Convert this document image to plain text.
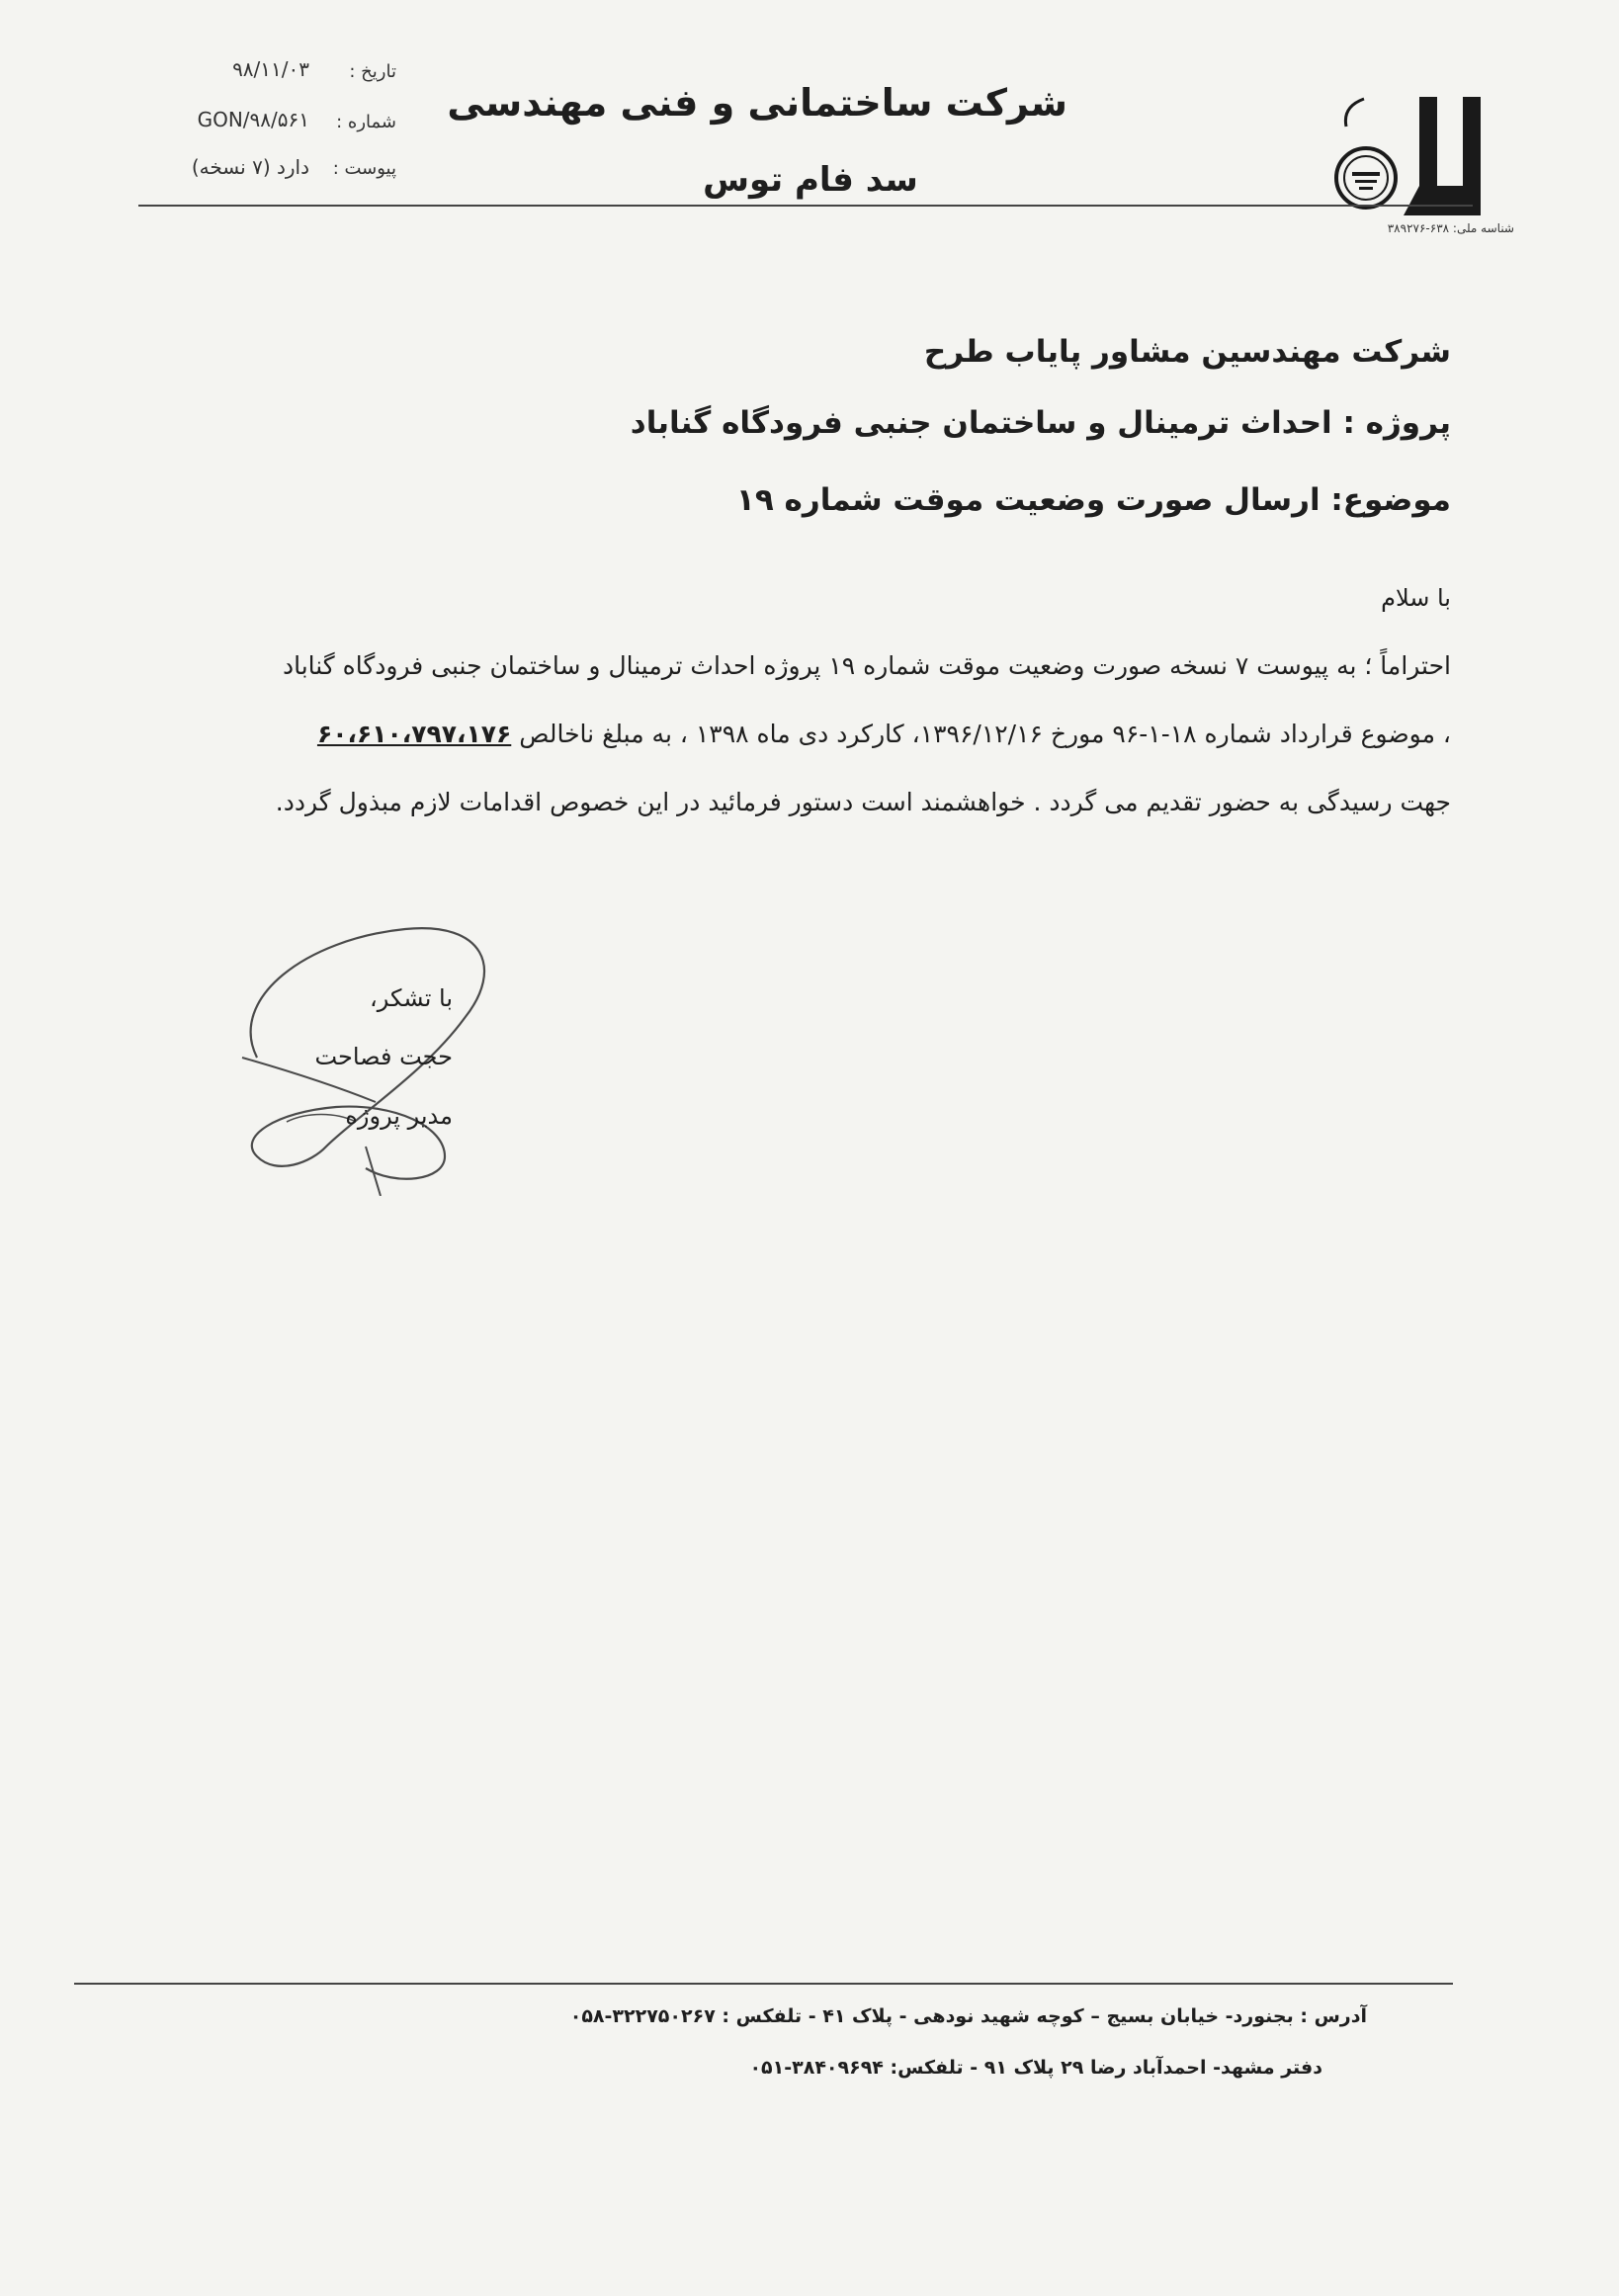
تاریخ :
۹۸/۱۱/۰۳
شماره :
GON/۹۸/۵۶۱
پیوست :
دارد (۷ نسخه)
شرکت ساختمانی و فنی مهندسی
سد فام توس
شناسه ملی: ۶۳۸-۳۸۹۲۷۶
شرکت مهندسین مشاور پایاب طرح
پروژه : احداث ترمینال و ساختمان جنبی فرودگاه گناباد
موضوع: ارسال صورت وضعیت موقت شماره ۱۹
با سلام
احتراماً ؛ به پیوست ۷ نسخه صورت وضعیت موقت شماره ۱۹ پروژه احداث ترمینال و ساختمان جنبی فرودگاه گناباد
، موضوع قرارداد شماره ۱۸-۱-۹۶ مورخ ۱۳۹۶/۱۲/۱۶، کارکرد دی ماه ۱۳۹۸ ، به مبلغ ناخالص ۶۰،۶۱۰،۷۹۷،۱۷۶
جهت رسیدگی به حضور تقدیم می گردد . خواهشمند است دستور فرمائید در این خصوص اقدامات لازم مبذول گردد.
با تشکر،
حجت فصاحت
مدیر پروژه
آدرس : بجنورد- خیابان بسیج – کوچه شهید نودهی - پلاک ۴۱ - تلفکس : ۳۲۲۷۵۰۲۶۷-۰۵۸
دفتر مشهد- احمدآباد رضا ۲۹ پلاک ۹۱ - تلفکس: ۳۸۴۰۹۶۹۴-۰۵۱
